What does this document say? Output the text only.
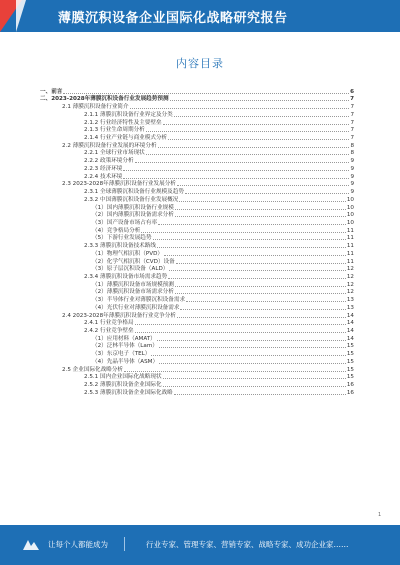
薄膜沉积设备企业国际化战略研究报告
内容目录
一、前言	6
二、2023-2028年薄膜沉积设备行业发展趋势预测	7
2.1 薄膜沉积设备行业简介	7
2.1.1 薄膜沉积设备行业界定及分类	7
2.1.2 行业经济特性及主要壁垒	7
2.1.3 行业生命周期分析	7
2.1.4 行业产业链与商业模式分析	7
2.2 薄膜沉积设备行业发展的环境分析	8
2.2.1 全球行业市场现状	8
2.2.2 政策环境分析	9
2.2.3 经济环境	9
2.2.4 技术环境	9
2.3 2023-2028年薄膜沉积设备行业发展分析	9
2.3.1 全球薄膜沉积设备行业规模及趋势	9
2.3.2 中国薄膜沉积设备行业发展概况	10
（1）国内薄膜沉积设备行业规模	10
（2）国内薄膜沉积设备需求分析	10
（3）国产设备市场占有率	10
（4）竞争格局分析	11
（5）下游行业发展趋势	11
2.3.3 薄膜沉积设备技术路线	11
（1）物理气相沉积（PVD）	11
（2）化学气相沉积（CVD）设备	11
（3）原子层沉积设备（ALD）	12
2.3.4 薄膜沉积设备市场需求趋势	12
（1）薄膜沉积设备市场规模预测	12
（2）薄膜沉积设备市场需求分析	12
（3）半导体行业对薄膜沉积设备需求	13
（4）光伏行业对薄膜沉积设备需求	13
2.4 2023-2028年薄膜沉积设备行业竞争分析	14
2.4.1 行业竞争格局	14
2.4.2 行业竞争壁垒	14
（1）应用材料（AMAT）	14
（2）泛林半导体（Lam）	15
（3）东京电子（TEL）	15
（4）先晶半导体（ASM）	15
2.5 企业国际化战略分析	15
2.5.1 国内企业国际化战略现状	15
2.5.2 薄膜沉积设备企业国际化	16
2.5.3 薄膜沉积设备企业国际化战略	16
1
让每个人都能成为	行业专家、管理专家、营销专家、战略专家、成功企业家……
